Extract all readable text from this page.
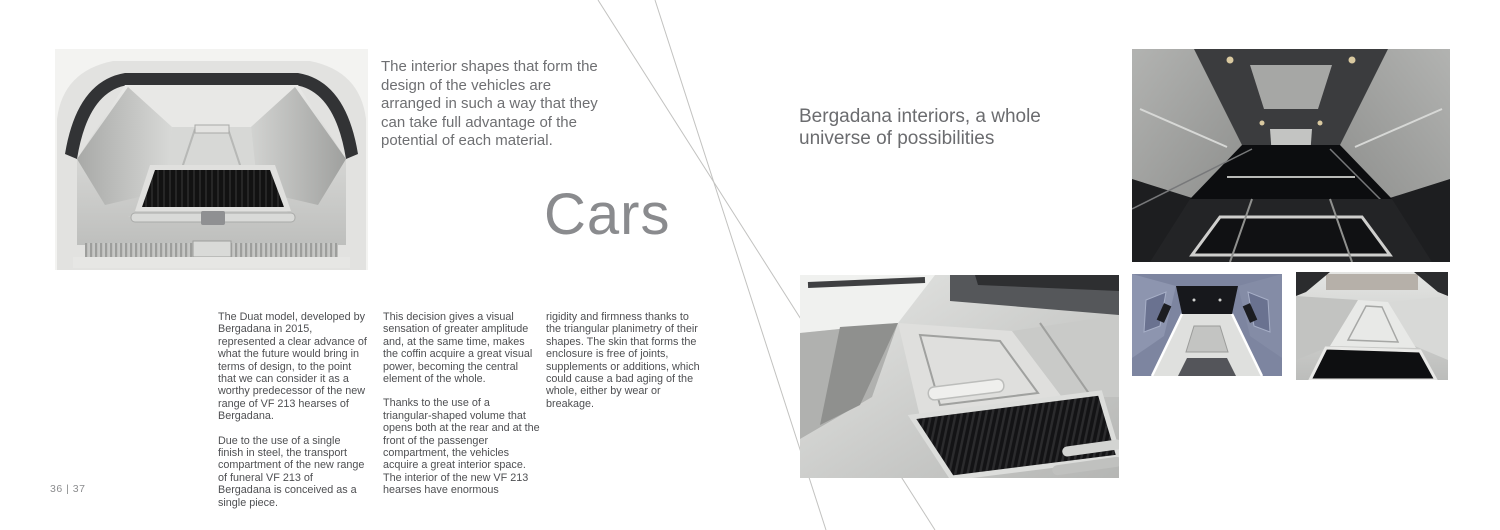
The interior shapes that form the design of the vehicles are arranged in such a way that they can take full advantage of the potential of each material.
Cars
Bergadana interiors, a whole universe of possibilities

The Duat model, developed by Bergadana in 2015, represented a clear advance of what the future would bring in terms of design, to the point that we can consider it as a worthy predecessor of the new range of VF 213 hearses of Bergadana.

Due to the use of a single finish in steel, the transport compartment of the new range of funeral VF 213 of Bergadana is conceived as a single piece.

This decision gives a visual sensation of greater amplitude and, at the same time, makes the coffin acquire a great visual power, becoming the central element of the whole.

Thanks to the use of a triangular-shaped volume that opens both at the rear and at the front of the passenger compartment, the vehicles acquire a great interior space. The interior of the new VF 213 hearses have enormous

rigidity and firmness thanks to the triangular planimetry of their shapes. The skin that forms the enclosure is free of joints, supplements or additions, which could cause a bad aging of the whole, either by wear or breakage.

36 | 37
